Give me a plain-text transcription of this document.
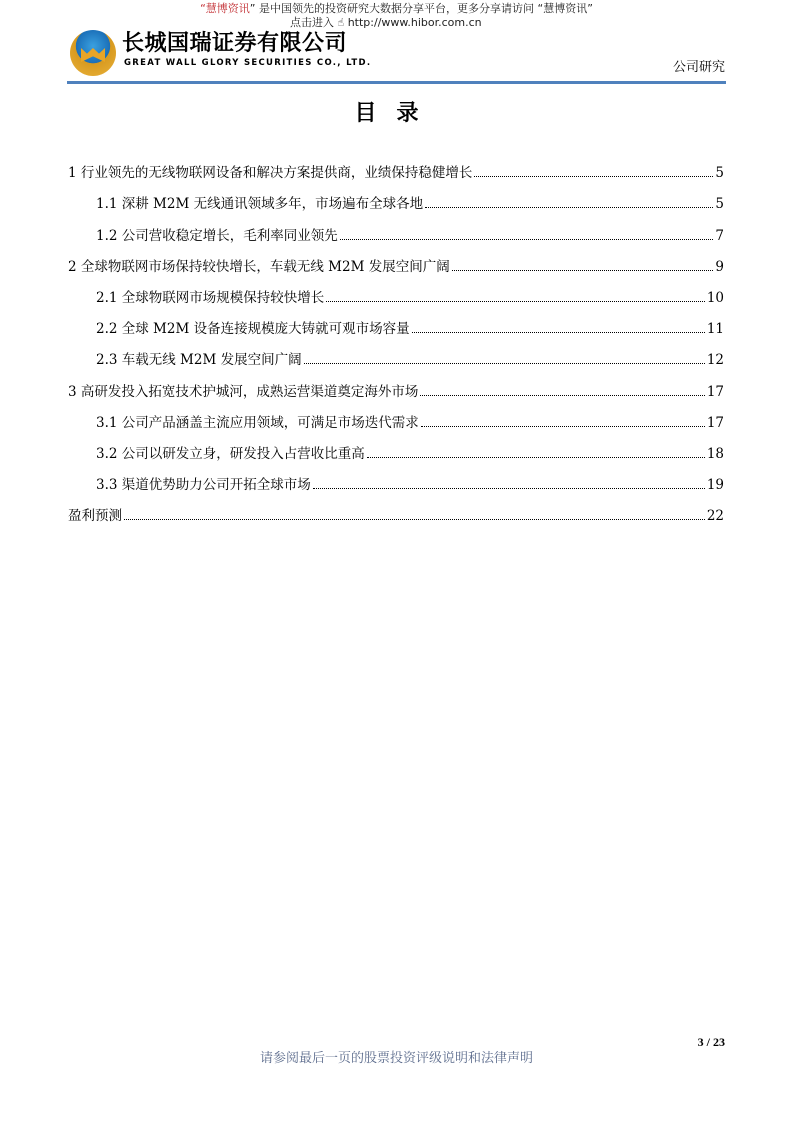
“慧博资讯” 是中国领先的投资研究大数据分享平台，更多分享请访问 “慧博资讯”
点击进入 ☝ http://www.hibor.com.cn
长城国瑞证券有限公司
GREAT WALL GLORY SECURITIES CO., LTD.	公司研究
目录
1 行业领先的无线物联网设备和解决方案提供商，业绩保持稳健增长	5
1.1 深耕 M2M 无线通讯领域多年，市场遍布全球各地	5
1.2 公司营收稳定增长，毛利率同业领先	7
2 全球物联网市场保持较快增长，车载无线 M2M 发展空间广阔	9
2.1 全球物联网市场规模保持较快增长	10
2.2 全球 M2M 设备连接规模庞大铸就可观市场容量	11
2.3 车载无线 M2M 发展空间广阔	12
3 高研发投入拓宽技术护城河，成熟运营渠道奠定海外市场	17
3.1 公司产品涵盖主流应用领域，可满足市场迭代需求	17
3.2 公司以研发立身，研发投入占营收比重高	18
3.3 渠道优势助力公司开拓全球市场	19
盈利预测	22
3 / 23
请参阅最后一页的股票投资评级说明和法律声明
